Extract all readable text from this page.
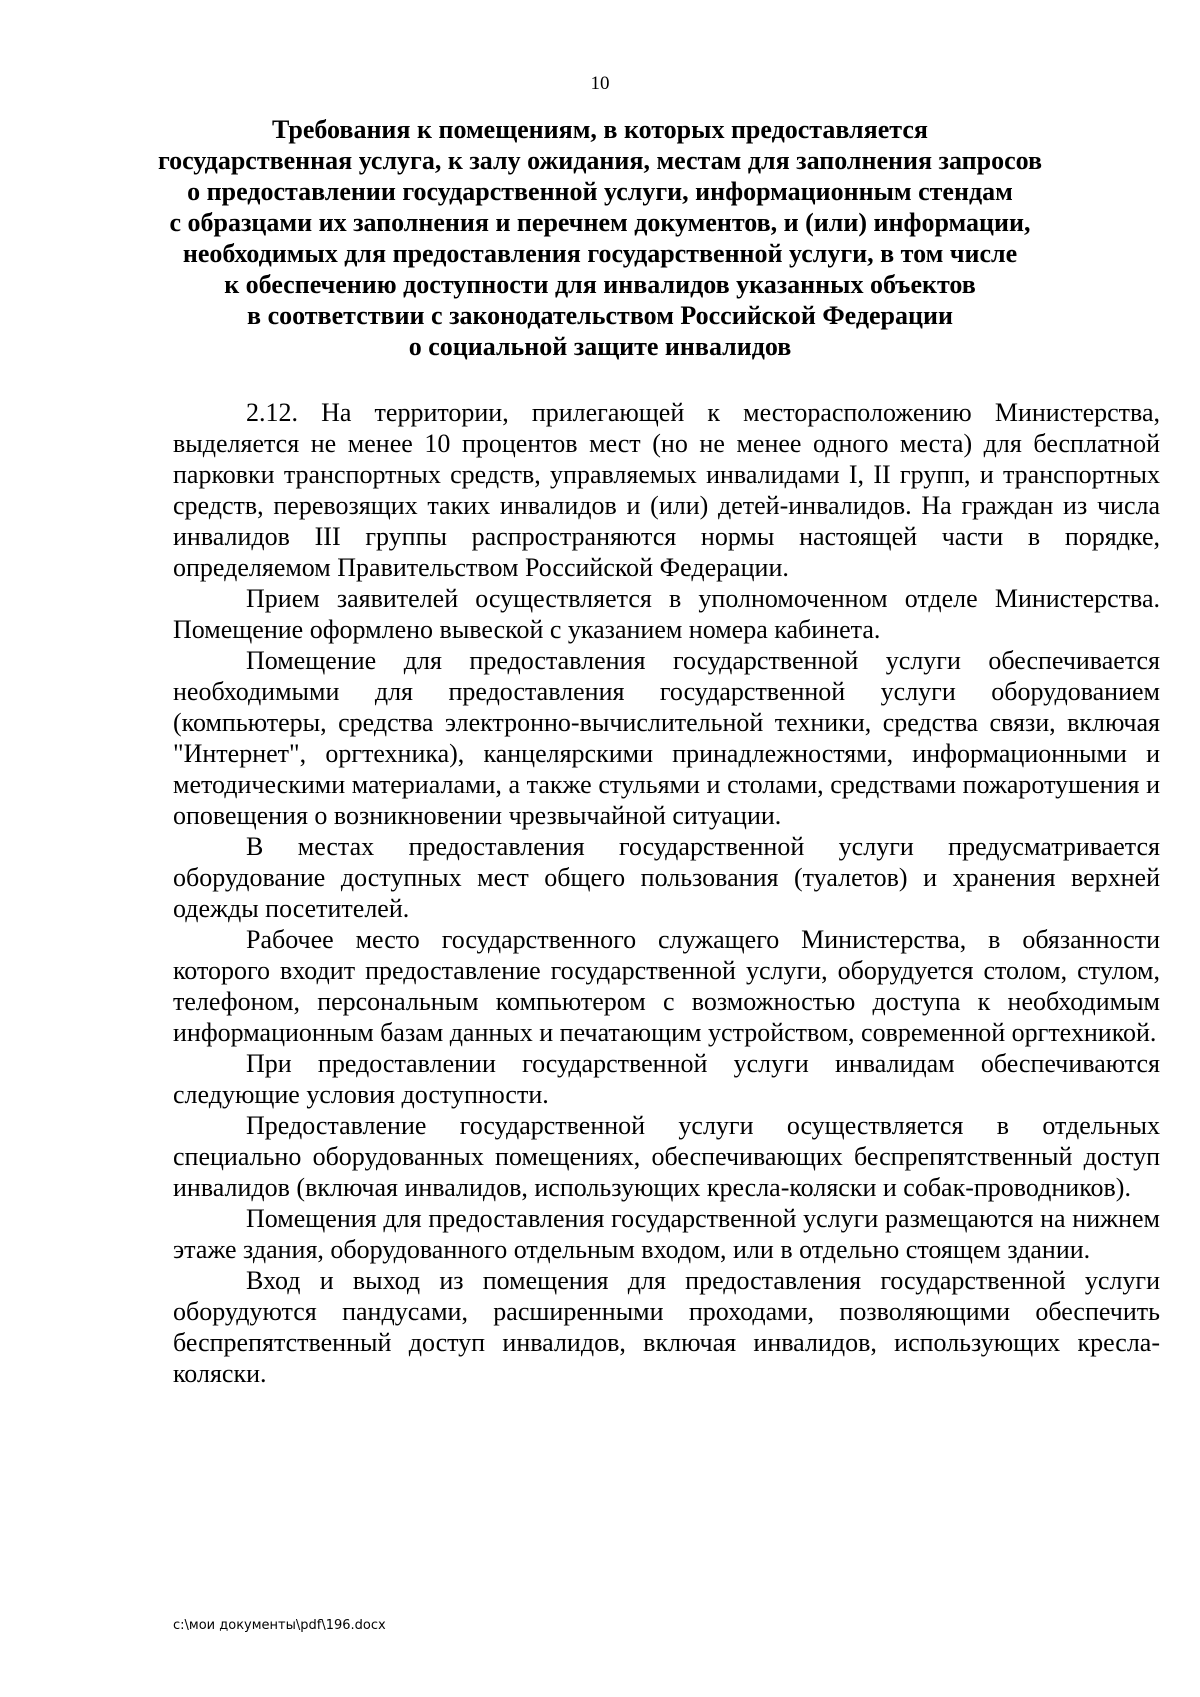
10
Требования к помещениям, в которых предоставляется
государственная услуга, к залу ожидания, местам для заполнения запросов
о предоставлении государственной услуги, информационным стендам
с образцами их заполнения и перечнем документов, и (или) информации,
необходимых для предоставления государственной услуги, в том числе
к обеспечению доступности для инвалидов указанных объектов
в соответствии с законодательством Российской Федерации
о социальной защите инвалидов

2.12. На территории, прилегающей к месторасположению Министерства, выделяется не менее 10 процентов мест (но не менее одного места) для бесплатной парковки транспортных средств, управляемых инвалидами I, II групп, и транспортных средств, перевозящих таких инвалидов и (или) детей-инвалидов. На граждан из числа инвалидов III группы распространяются нормы настоящей части в порядке, определяемом Правительством Российской Федерации.

Прием заявителей осуществляется в уполномоченном отделе Министерства. Помещение оформлено вывеской с указанием номера кабинета.

Помещение для предоставления государственной услуги обеспечивается необходимыми для предоставления государственной услуги оборудованием (компьютеры, средства электронно-вычислительной техники, средства связи, включая "Интернет", оргтехника), канцелярскими принадлежностями, информационными и методическими материалами, а также стульями и столами, средствами пожаротушения и оповещения о возникновении чрезвычайной ситуации.

В местах предоставления государственной услуги предусматривается оборудование доступных мест общего пользования (туалетов) и хранения верхней одежды посетителей.

Рабочее место государственного служащего Министерства, в обязанности которого входит предоставление государственной услуги, оборудуется столом, стулом, телефоном, персональным компьютером с возможностью доступа к необходимым информационным базам данных и печатающим устройством, современной оргтехникой.

При предоставлении государственной услуги инвалидам обеспечиваются следующие условия доступности.

Предоставление государственной услуги осуществляется в отдельных специально оборудованных помещениях, обеспечивающих беспрепятственный доступ инвалидов (включая инвалидов, использующих кресла-коляски и собак-проводников).

Помещения для предоставления государственной услуги размещаются на нижнем этаже здания, оборудованного отдельным входом, или в отдельно стоящем здании.

Вход и выход из помещения для предоставления государственной услуги оборудуются пандусами, расширенными проходами, позволяющими обеспечить беспрепятственный доступ инвалидов, включая инвалидов, использующих кресла-коляски.

c:\мои документы\pdf\196.docx
